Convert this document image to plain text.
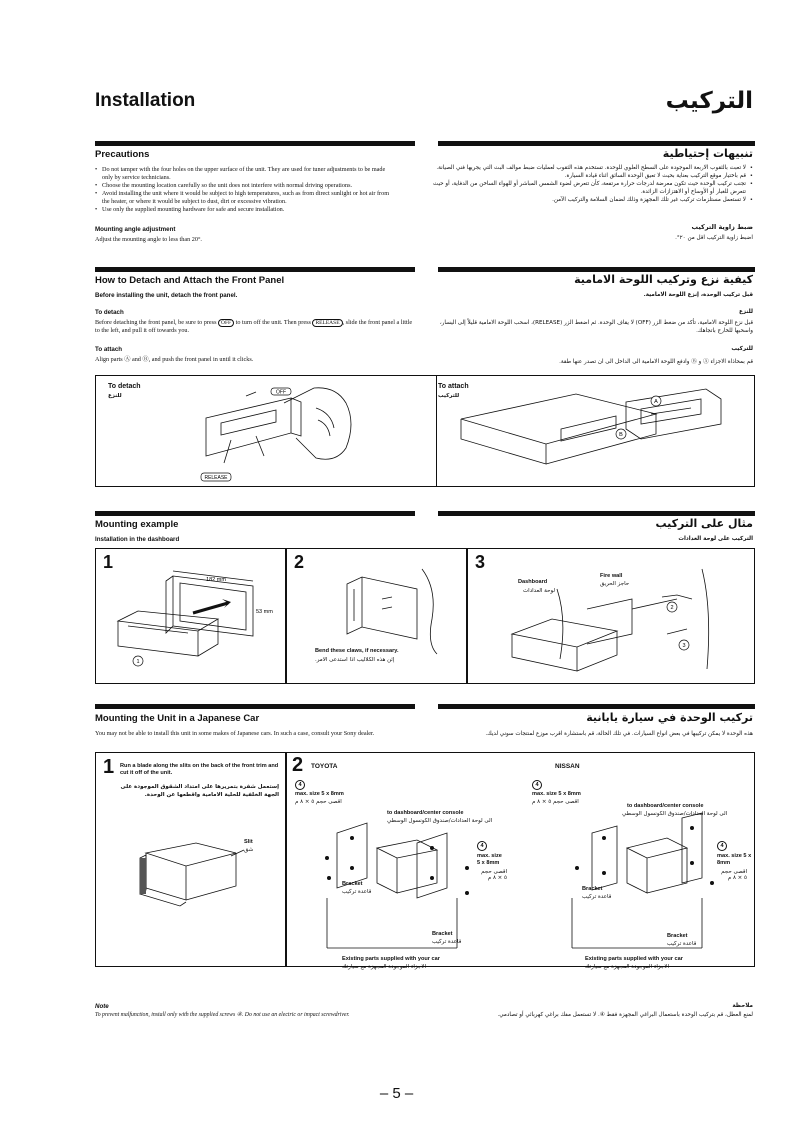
Installation	التركيب
Precautions	تنبيهات إحتياطية
• Do not tamper with the four holes on the upper surface of the unit. They are used for tuner adjustments to be made only by service technicians.
• Choose the mounting location carefully so the unit does not interfere with normal driving operations.
• Avoid installing the unit where it would be subject to high temperatures, such as from direct sunlight or hot air from the heater, or where it would be subject to dust, dirt or excessive vibration.
• Use only the supplied mounting hardware for safe and secure installation.
• لا تعبث بالثقوب الاربعة الموجودة على السطح العلوي للوحدة. تستخدم هذه الثقوب لعمليات ضبط موالف البث التي يجريها فني الصيانة.
• قم باختيار موقع التركيب بعناية بحيث لا تعيق الوحدة السائق اثناء قيادة السيارة.
• تجنب تركيب الوحدة حيث تكون معرضة لدرجات حرارة مرتفعة، كأن تتعرض لضوء الشمس المباشر أو للهواء الساخن من الدفاية، أو حيث تتعرض للغبار أو الأوساخ أو الاهتزازات الزائدة.
• لا تستعمل مستلزمات تركيب غير تلك المجهزة وذلك لضمان السلامة والتركيب الآمن.
Mounting angle adjustment
Adjust the mounting angle to less than 20°.
ضبط زاوية التركيب
اضبط زاوية التركيب اقل من ٢٠°.
How to Detach and Attach the Front Panel	كيفية نزع وتركيب اللوحة الامامية
Before installing the unit, detach the front panel.	قبل تركيب الوحدة، إنزع اللوحة الامامية.
To detach
Before detaching the front panel, be sure to press OFF to turn off the unit. Then press RELEASE , slide the front panel a little to the left, and pull it off towards you.
للنزع
قبل نزع اللوحة الامامية، تأكد من ضغط الزر (OFF) لا يقاف الوحدة. ثم اضغط الزر (RELEASE)، اسحب اللوحة الامامية قليلاً إلى اليسار، واسحبها للخارج باتجاهك.
To attach
Align parts Ⓐ and Ⓑ, and push the front panel in until it clicks.
للتركيب
قم بمحاذاة الاجزاء Ⓐ و Ⓑ وادفع اللوحة الامامية الى الداخل الى ان تصدر عنها طقة.
To detach
للنزع
To attach
للتركيب
OFF
RELEASE
B
A
Mounting example	مثال على التركيب
Installation in the dashboard	التركيب على لوحة العدادات
1
1
182 mm
53 mm
2
Bend these claws, if necessary.
إثن هذه الكلاليب اذا استدعى الامر.
3
Dashboard
لوحة العدادات
Fire wall
حاجز الحريق
2
3
Mounting the Unit in a Japanese Car	تركيب الوحدة في سيارة يابانية
You may not be able to install this unit in some makes of Japanese cars. In such a case, consult your Sony dealer.	هذه الوحدة لا يمكن تركيبها في بعض انواع السيارات. في تلك الحالة، قم باستشارة اقرب موزع لمنتجات سوني لديك.
1 Run a blade along the slits on the back of the front trim and cut it off of the unit.
إستعمل شفرة بتمريرها على امتداد الشقوق الموجودة على الجهة الخلفية للحلية الامامية واقطعها عن الوحدة.
Slit
شق
2 TOYOTA	NISSAN
4
max. size 5 x 8mm
اقصى حجم ٥ × ٨ م
to dashboard/center console
الى لوحة العدادات/صندوق الكونسول الوسطي
4
max. size
5 x 8mm
اقصى حجم ٥ × ٨ م
Bracket
قاعدة تركيب
Bracket
قاعدة تركيب
Existing parts supplied with your car
الاجزاء الموجودة المجهزة مع سيارتك
4
max. size 5 x 8mm
اقصى حجم ٥ × ٨ م
to dashboard/center console
الى لوحة العدادات/صندوق الكونسول الوسطي
4
max. size 5 x
8mm
اقصى حجم ٥ × ٨ م
Bracket
قاعدة تركيب
Bracket
قاعدة تركيب
Existing parts supplied with your car
الاجزاء الموجودة المجهزة مع سيارتك
Note
To prevent malfunction, install only with the supplied screws ④. Do not use an electric or impact screwdriver.
ملاحظة
لمنع العطل، قم بتركيب الوحدة باستعمال البراغي المجهزة فقط ④. لا تستعمل مفك براغي كهربائي أو تصادمي.
– 5 –
